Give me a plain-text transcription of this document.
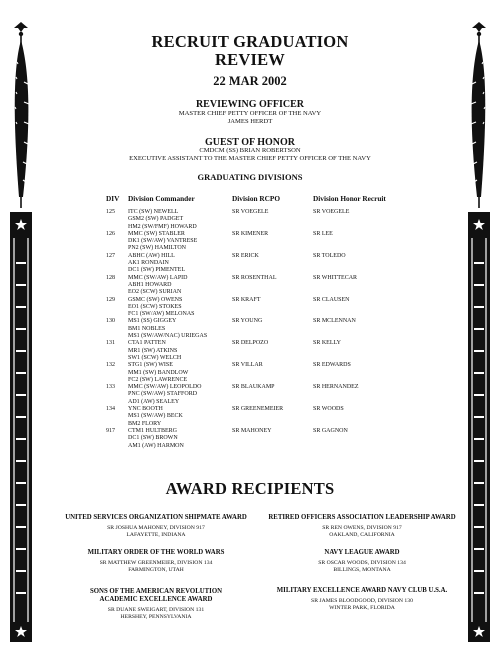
RECRUIT GRADUATION
REVIEW
22 MAR 2002
REVIEWING OFFICER
MASTER CHIEF PETTY OFFICER OF THE NAVY
JAMES HERDT
GUEST OF HONOR
CMDCM (SS) BRIAN ROBERTSON
EXECUTIVE ASSISTANT TO THE MASTER CHIEF PETTY OFFICER OF THE NAVY
GRADUATING DIVISIONS
DIV Division Commander	Division RCPO	Division Honor Recruit
125 ITC (SW) NEWELL
GSM2 (SW) PADGET
HM2 (SW/FMF) HOWARD
SR VOEGELE	SR VOEGELE
126 MMC (SW) STABLER
DK1 (SW/AW) VANTRESE
PN2 (SW) HAMILTON
SR KIMENER	SR LEE
127 ABHC (AW) HILL
AK1 RONDAIN
DC1 (SW) PIMENTEL
SR ERICK	SR TOLEDO
128 MMC (SW/AW) LAPID
ABH1 HOWARD
EO2 (SCW) SURIAN
SR ROSENTHAL	SR WHITTECAR
129 GSMC (SW) OWENS
EO1 (SCW) STOKES
FC1 (SW/AW) MELONAS
SR KRAFT	SR CLAUSEN
130 MS1 (SS) GIGGEY
BM1 NOBLES
MS1 (SW/AW/NAC) URIEGAS
SR YOUNG	SR MCLENNAN
131 CTA1 PATTEN
MR1 (SW) ATKINS
SW1 (SCW) WELCH
SR DELPOZO	SR KELLY
132 STG1 (SW) WISE
MM1 (SW) BANDLOW
FC2 (SW) LAWRENCE
SR VILLAR	SR EDWARDS
133 MMC (SW/AW) LEOPOLDO
PNC (SW/AW) STAFFORD
AD1 (AW) SEALEY
SR BLAUKAMP	SR HERNANDEZ
134 YNC BOOTH
MS1 (SW/AW) BECK
BM2 FLORY
SR GREENEMEIER	SR WOODS
917 CTM1 HULTBERG
DC1 (SW) BROWN
AM1 (AW) HARMON
SR MAHONEY	SR GAGNON
AWARD RECIPIENTS
UNITED SERVICES ORGANIZATION SHIPMATE AWARD
SR JOSHUA MAHONEY, DIVISION 917
LAFAYETTE, INDIANA
RETIRED OFFICERS ASSOCIATION LEADERSHIP AWARD
SR REN OWENS, DIVISION 917
OAKLAND, CALIFORNIA
MILITARY ORDER OF THE WORLD WARS
SR MATTHEW GREENMEIER, DIVISION 134
FARMINGTON, UTAH
NAVY LEAGUE AWARD
SR OSCAR WOODS, DIVISION 134
BILLINGS, MONTANA
SONS OF THE AMERICAN REVOLUTION
ACADEMIC EXCELLENCE AWARD
SR DUANE SWEIGART, DIVISION 131
HERSHEY, PENNSYLVANIA
MILITARY EXCELLENCE AWARD NAVY CLUB U.S.A.
SR JAMES BLOODGOOD, DIVISION 130
WINTER PARK, FLORIDA
